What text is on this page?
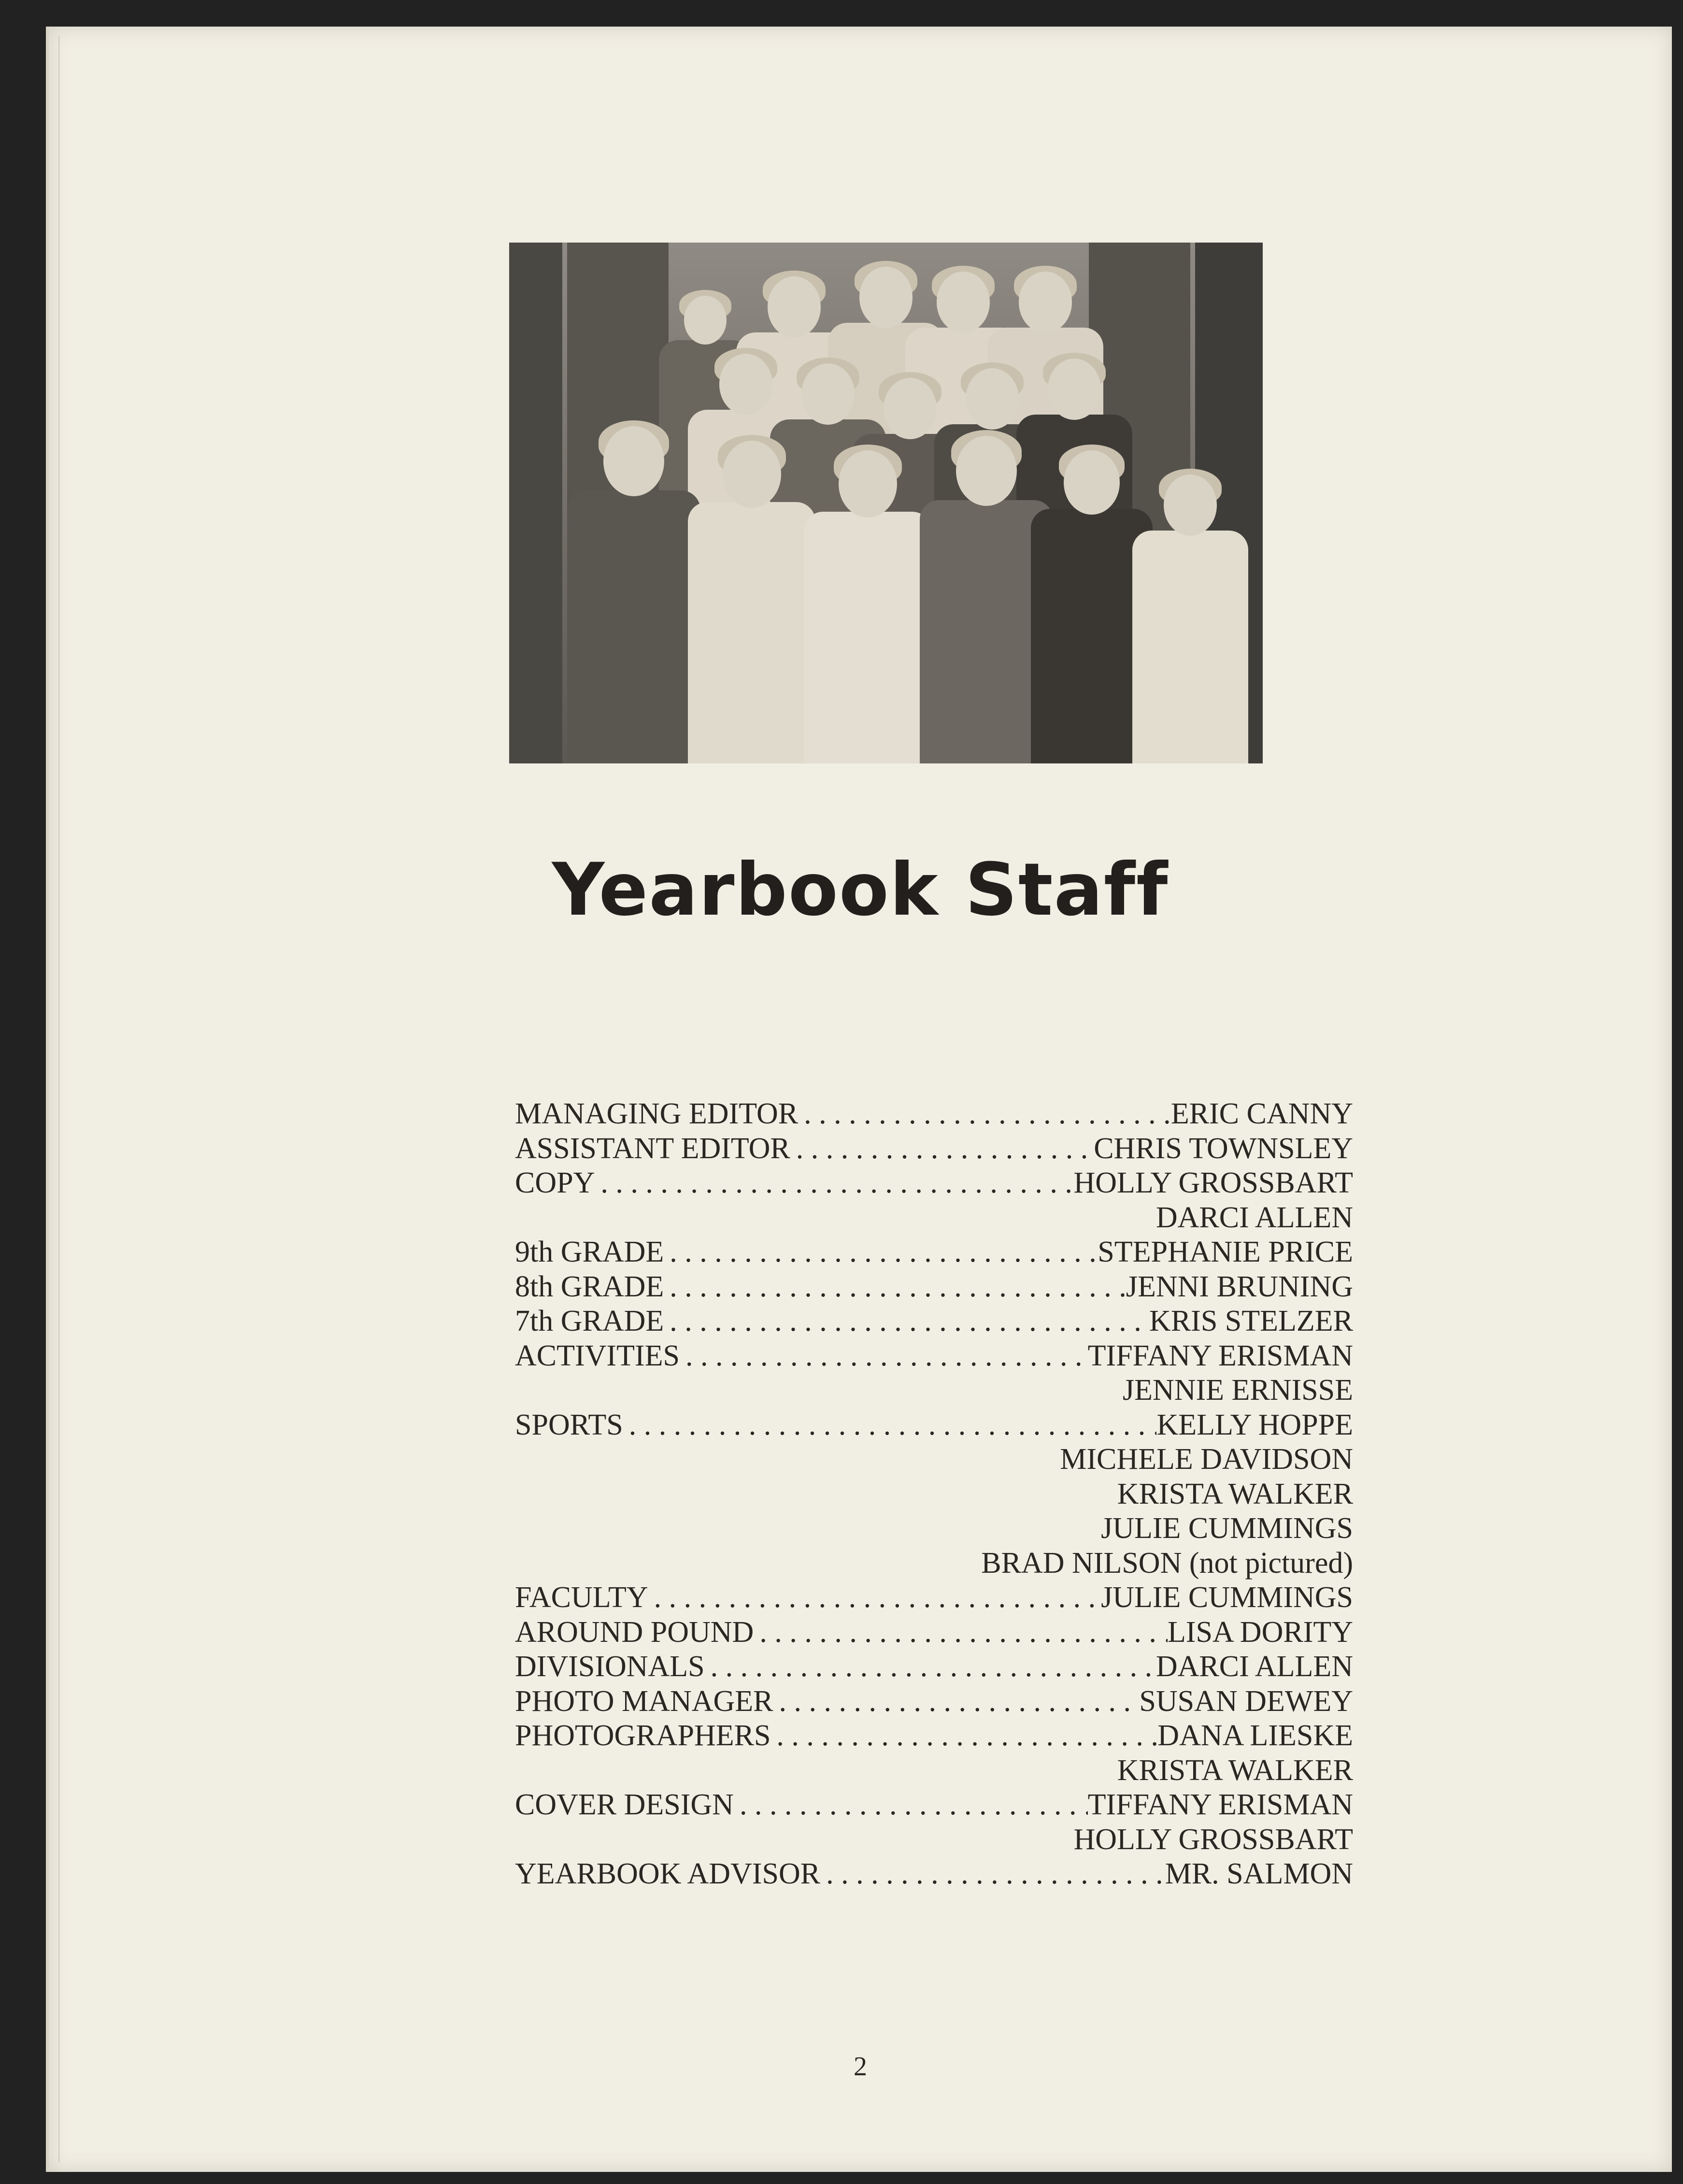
Yearbook Staff
MANAGING EDITOR . . .	ERIC CANNY
ASSISTANT EDITOR . . .	CHRIS TOWNSLEY
COPY . . .	HOLLY GROSSBART
DARCI ALLEN
9th GRADE . . .	STEPHANIE PRICE
8th GRADE . . .	JENNI BRUNING
7th GRADE . . .	KRIS STELZER
ACTIVITIES . . .	TIFFANY ERISMAN
JENNIE ERNISSE
SPORTS . . .	KELLY HOPPE
MICHELE DAVIDSON
KRISTA WALKER
JULIE CUMMINGS
BRAD NILSON (not pictured)
FACULTY . . .	JULIE CUMMINGS
AROUND POUND . . .	LISA DORITY
DIVISIONALS . . .	DARCI ALLEN
PHOTO MANAGER . . .	SUSAN DEWEY
PHOTOGRAPHERS . . .	DANA LIESKE
KRISTA WALKER
COVER DESIGN . . .	TIFFANY ERISMAN
HOLLY GROSSBART
YEARBOOK ADVISOR . . .	MR. SALMON
2
